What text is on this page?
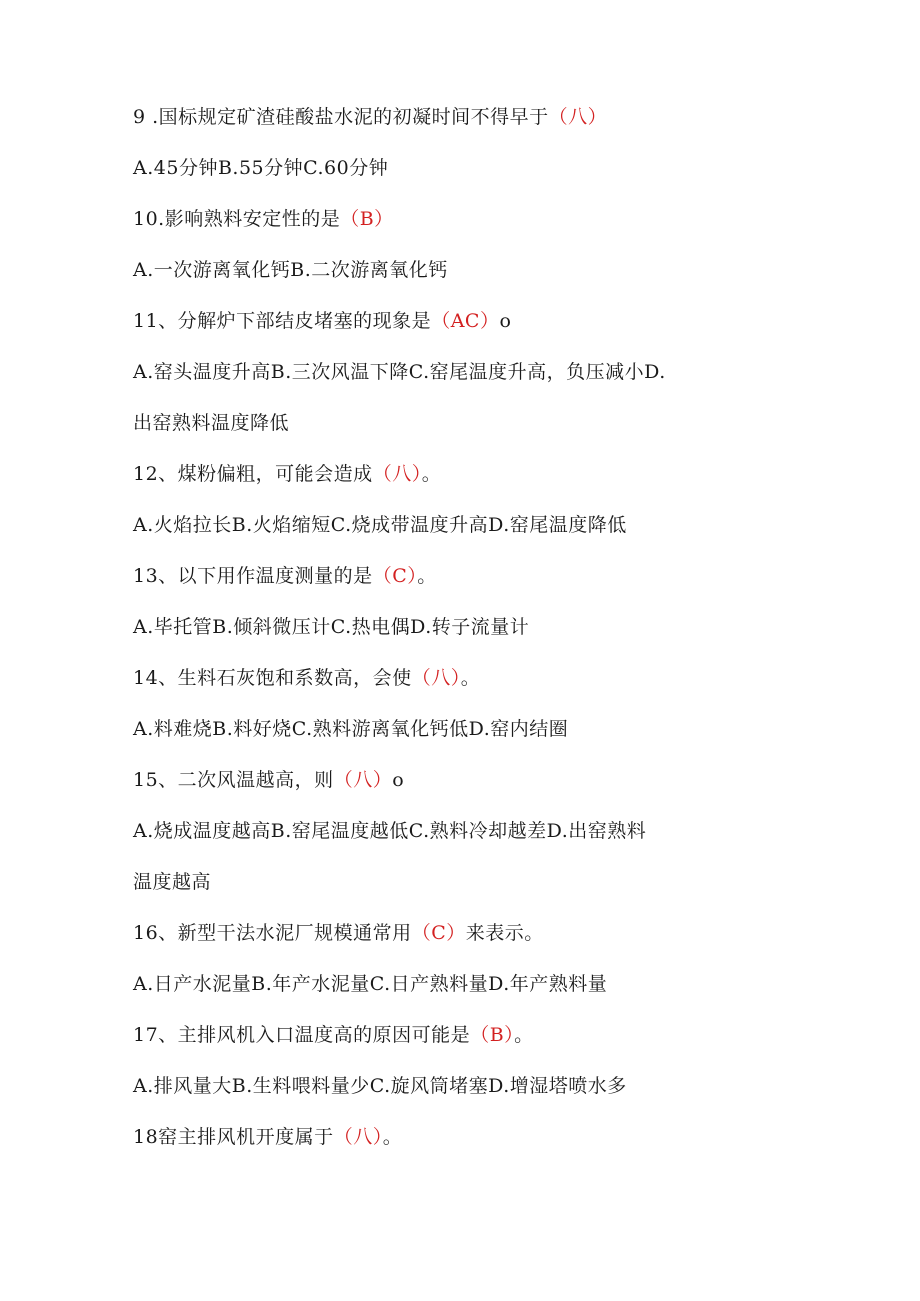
9 .国标规定矿渣硅酸盐水泥的初凝时间不得早于（八）
A.45分钟B.55分钟C.60分钟
10.影响熟料安定性的是（B）
A.一次游离氧化钙B.二次游离氧化钙
11、分解炉下部结皮堵塞的现象是（AC）o
A.窑头温度升高B.三次风温下降C.窑尾温度升高，负压减小D.
出窑熟料温度降低
12、煤粉偏粗，可能会造成（八）。
A.火焰拉长B.火焰缩短C.烧成带温度升高D.窑尾温度降低
13、以下用作温度测量的是（C）。
A.毕托管B.倾斜微压计C.热电偶D.转子流量计
14、生料石灰饱和系数高，会使（八）。
A.料难烧B.料好烧C.熟料游离氧化钙低D.窑内结圈
15、二次风温越高，则（八）o
A.烧成温度越高B.窑尾温度越低C.熟料冷却越差D.出窑熟料
温度越高
16、新型干法水泥厂规模通常用（C）来表示。
A.日产水泥量B.年产水泥量C.日产熟料量D.年产熟料量
17、主排风机入口温度高的原因可能是（B）。
A.排风量大B.生料喂料量少C.旋风筒堵塞D.增湿塔喷水多
18窑主排风机开度属于（八）。
